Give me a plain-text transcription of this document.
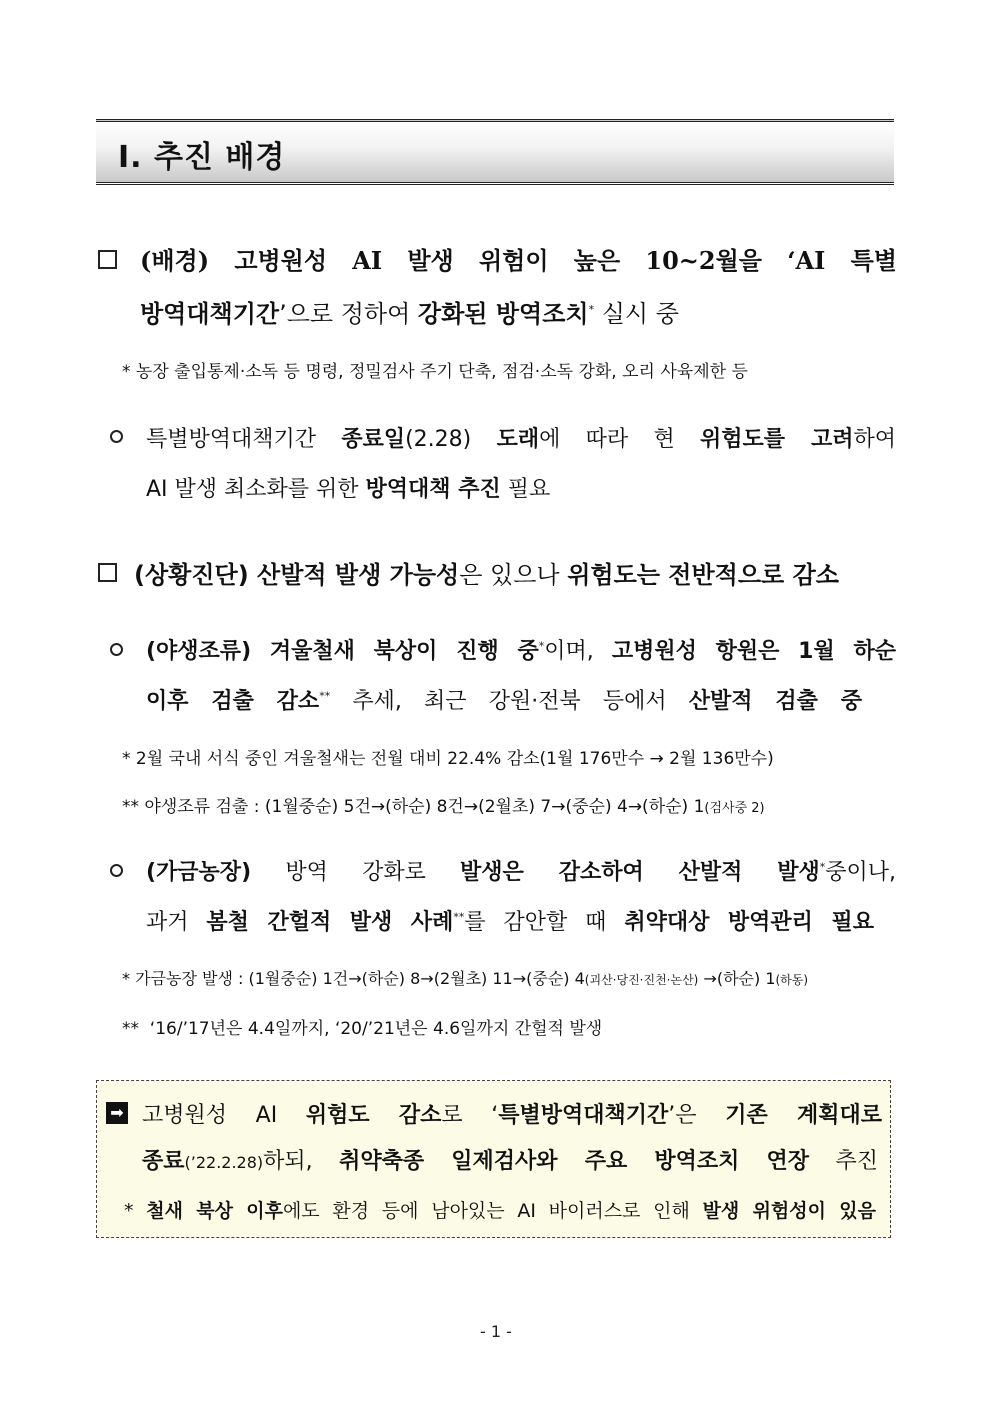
Ⅰ. 추진 배경
(배경) 고병원성 AI 발생 위험이 높은 10~2월을 ‘AI 특별
방역대책기간’으로 정하여 강화된 방역조치* 실시 중
* 농장 출입통제·소독 등 명령, 정밀검사 주기 단축, 점검·소독 강화, 오리 사육제한 등
특별방역대책기간 종료일(2.28) 도래에 따라 현 위험도를 고려하여
AI 발생 최소화를 위한 방역대책 추진 필요
(상황진단) 산발적 발생 가능성은 있으나 위험도는 전반적으로 감소
(야생조류) 겨울철새 북상이 진행 중*이며, 고병원성 항원은 1월 하순
이후 검출 감소** 추세, 최근 강원·전북 등에서 산발적 검출 중
* 2월 국내 서식 중인 겨울철새는 전월 대비 22.4% 감소(1월 176만수 → 2월 136만수)
** 야생조류 검출 : (1월중순) 5건→(하순) 8건→(2월초) 7→(중순) 4→(하순) 1(검사중 2)
(가금농장) 방역 강화로 발생은 감소하여 산발적 발생*중이나,
과거 봄철 간헐적 발생 사례**를 감안할 때 취약대상 방역관리 필요
* 가금농장 발생 : (1월중순) 1건→(하순) 8→(2월초) 11→(중순) 4(괴산·당진·진천·논산) →(하순) 1(하동)
**  ‘16/’17년은 4.4일까지, ‘20/’21년은 4.6일까지 간헐적 발생
➡ 고병원성 AI 위험도 감소로 ‘특별방역대책기간’은 기존 계획대로
종료(’22.2.28)하되, 취약축종 일제검사와 주요 방역조치 연장 추진
* 철새 북상 이후에도 환경 등에 남아있는 AI 바이러스로 인해 발생 위험성이 있음
- 1 -
